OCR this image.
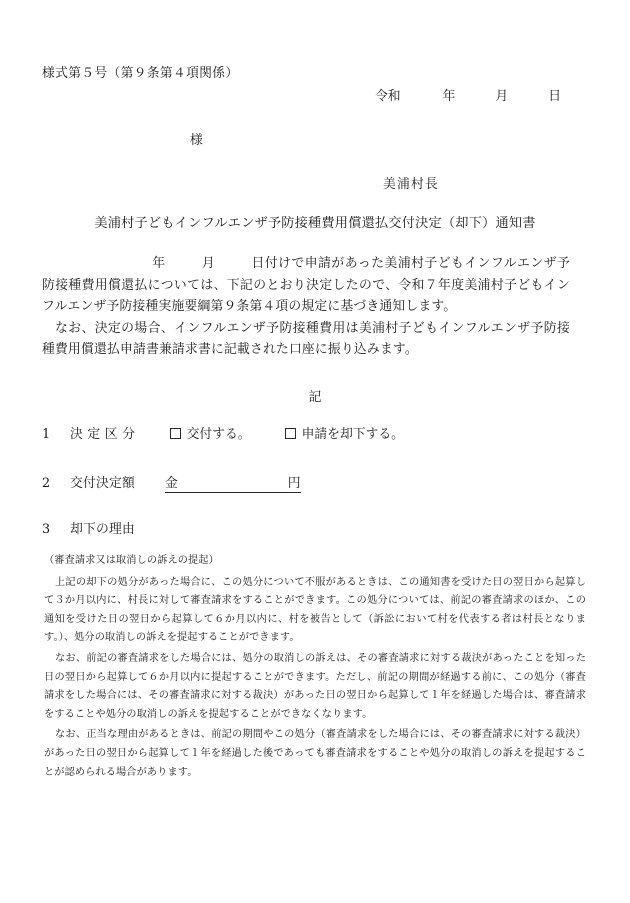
様式第５号（第９条第４項関係）
令和	年	月	日
様
美浦村長
美浦村子どもインフルエンザ予防接種費用償還払交付決定（却下）通知書

年	月	日付けで申請があった美浦村子どもインフルエンザ予防接種費用償還払については、下記のとおり決定したので、令和７年度美浦村子どもインフルエンザ予防接種実施要綱第９条第４項の規定に基づき通知します。

なお、決定の場合、インフルエンザ予防接種費用は美浦村子どもインフルエンザ予防接種費用償還払申請書兼請求書に記載された口座に振り込みます。

記
1 決定区分	交付する。	申請を却下する。
2 交付決定額 金	円
3 却下の理由
（審査請求又は取消しの訴えの提起）

上記の却下の処分があった場合に、この処分について不服があるときは、この通知書を受けた日の翌日から起算して３か月以内に、村長に対して審査請求をすることができます。この処分については、前記の審査請求のほか、この通知を受けた日の翌日から起算して６か月以内に、村を被告として（訴訟において村を代表する者は村長となります。）、処分の取消しの訴えを提起することができます。

なお、前記の審査請求をした場合には、処分の取消しの訴えは、その審査請求に対する裁決があったことを知った日の翌日から起算して６か月以内に提起することができます。ただし、前記の期間が経過する前に、この処分（審査請求をした場合には、その審査請求に対する裁決）があった日の翌日から起算して１年を経過した場合は、審査請求をすることや処分の取消しの訴えを提起することができなくなります。

なお、正当な理由があるときは、前記の期間やこの処分（審査請求をした場合には、その審査請求に対する裁決）があった日の翌日から起算して１年を経過した後であっても審査請求をすることや処分の取消しの訴えを提起することが認められる場合があります。
